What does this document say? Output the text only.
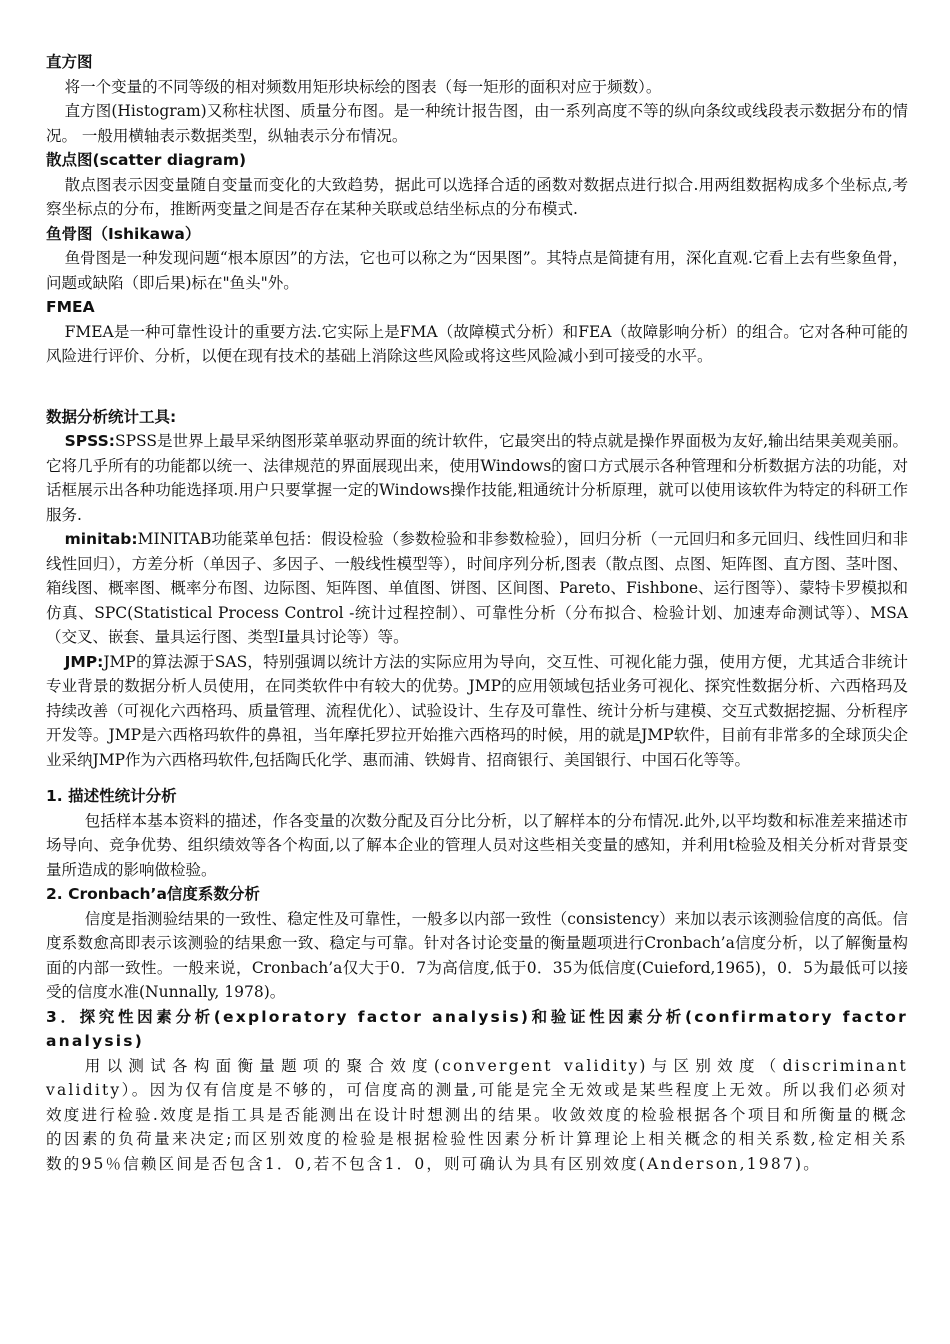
直方图

将一个变量的不同等级的相对频数用矩形块标绘的图表（每一矩形的面积对应于频数）。

直方图(Histogram)又称柱状图、质量分布图。是一种统计报告图，由一系列高度不等的纵向条纹或线段表示数据分布的情况。 一般用横轴表示数据类型，纵轴表示分布情况。

散点图(scatter diagram)

散点图表示因变量随自变量而变化的大致趋势，据此可以选择合适的函数对数据点进行拟合.用两组数据构成多个坐标点,考察坐标点的分布，推断两变量之间是否存在某种关联或总结坐标点的分布模式.

鱼骨图（Ishikawa）

鱼骨图是一种发现问题“根本原因”的方法，它也可以称之为“因果图”。其特点是简捷有用，深化直观.它看上去有些象鱼骨，问题或缺陷（即后果)标在"鱼头"外。

FMEA

FMEA是一种可靠性设计的重要方法.它实际上是FMA（故障模式分析）和FEA（故障影响分析）的组合。它对各种可能的风险进行评价、分析，以便在现有技术的基础上消除这些风险或将这些风险减小到可接受的水平。

数据分析统计工具:

SPSS:SPSS是世界上最早采纳图形菜单驱动界面的统计软件，它最突出的特点就是操作界面极为友好,输出结果美观美丽。它将几乎所有的功能都以统一、法律规范的界面展现出来，使用Windows的窗口方式展示各种管理和分析数据方法的功能，对话框展示出各种功能选择项.用户只要掌握一定的Windows操作技能,粗通统计分析原理，就可以使用该软件为特定的科研工作服务.

minitab:MINITAB功能菜单包括：假设检验（参数检验和非参数检验），回归分析（一元回归和多元回归、线性回归和非线性回归），方差分析（单因子、多因子、一般线性模型等），时间序列分析,图表（散点图、点图、矩阵图、直方图、茎叶图、箱线图、概率图、概率分布图、边际图、矩阵图、单值图、饼图、区间图、Pareto、Fishbone、运行图等）、蒙特卡罗模拟和仿真、SPC(Statistical Process Control -统计过程控制）、可靠性分析（分布拟合、检验计划、加速寿命测试等）、MSA（交叉、嵌套、量具运行图、类型I量具讨论等）等。

JMP:JMP的算法源于SAS，特别强调以统计方法的实际应用为导向，交互性、可视化能力强，使用方便，尤其适合非统计专业背景的数据分析人员使用，在同类软件中有较大的优势。JMP的应用领域包括业务可视化、探究性数据分析、六西格玛及持续改善（可视化六西格玛、质量管理、流程优化）、试验设计、生存及可靠性、统计分析与建模、交互式数据挖掘、分析程序开发等。JMP是六西格玛软件的鼻祖，当年摩托罗拉开始推六西格玛的时候，用的就是JMP软件，目前有非常多的全球顶尖企业采纳JMP作为六西格玛软件,包括陶氏化学、惠而浦、铁姆肯、招商银行、美国银行、中国石化等等。

1. 描述性统计分析

包括样本基本资料的描述，作各变量的次数分配及百分比分析，以了解样本的分布情况.此外,以平均数和标准差来描述市场导向、竞争优势、组织绩效等各个构面,以了解本企业的管理人员对这些相关变量的感知，并利用t检验及相关分析对背景变量所造成的影响做检验。

2. Cronbach’a信度系数分析

信度是指测验结果的一致性、稳定性及可靠性，一般多以内部一致性（consistency）来加以表示该测验信度的高低。信度系数愈高即表示该测验的结果愈一致、稳定与可靠。针对各讨论变量的衡量题项进行Cronbach’a信度分析，以了解衡量构面的内部一致性。一般来说，Cronbach’a仅大于0．7为高信度,低于0．35为低信度(Cuieford,1965)，0．5为最低可以接受的信度水准(Nunnally, 1978)。

3．探究性因素分析(exploratory factor analysis)和验证性因素分析(confirmatory factor analysis)

用以测试各构面衡量题项的聚合效度(convergent validity)与区别效度（discriminant validity）。因为仅有信度是不够的，可信度高的测量,可能是完全无效或是某些程度上无效。所以我们必须对效度进行检验.效度是指工具是否能测出在设计时想测出的结果。收敛效度的检验根据各个项目和所衡量的概念的因素的负荷量来决定;而区别效度的检验是根据检验性因素分析计算理论上相关概念的相关系数,检定相关系数的95％信赖区间是否包含1．0,若不包含1．0，则可确认为具有区别效度(Anderson,1987)。
